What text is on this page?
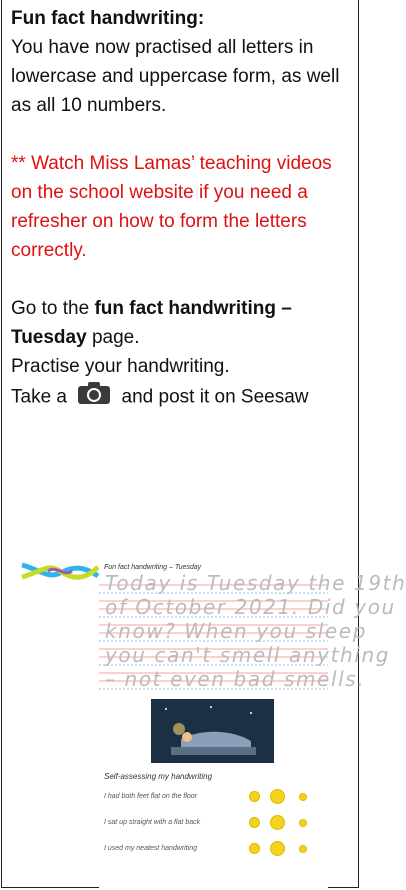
Fun fact handwriting:

You have now practised all letters in lowercase and uppercase form, as well as all 10 numbers.

** Watch Miss Lamas’ teaching videos on the school website if you need a refresher on how to form the letters correctly.

Go to the fun fact handwriting – Tuesday page.

Practise your handwriting.

Take a	and post it on Seesaw

Fun fact handwriting – Tuesday
Today is Tuesday the 19th
of October 2021. Did you
know? When you sleep
you can't smell anything
– not even bad smells.
Self-assessing my handwriting
I had both feet flat on the floor
I sat up straight with a flat back
I used my neatest handwriting
